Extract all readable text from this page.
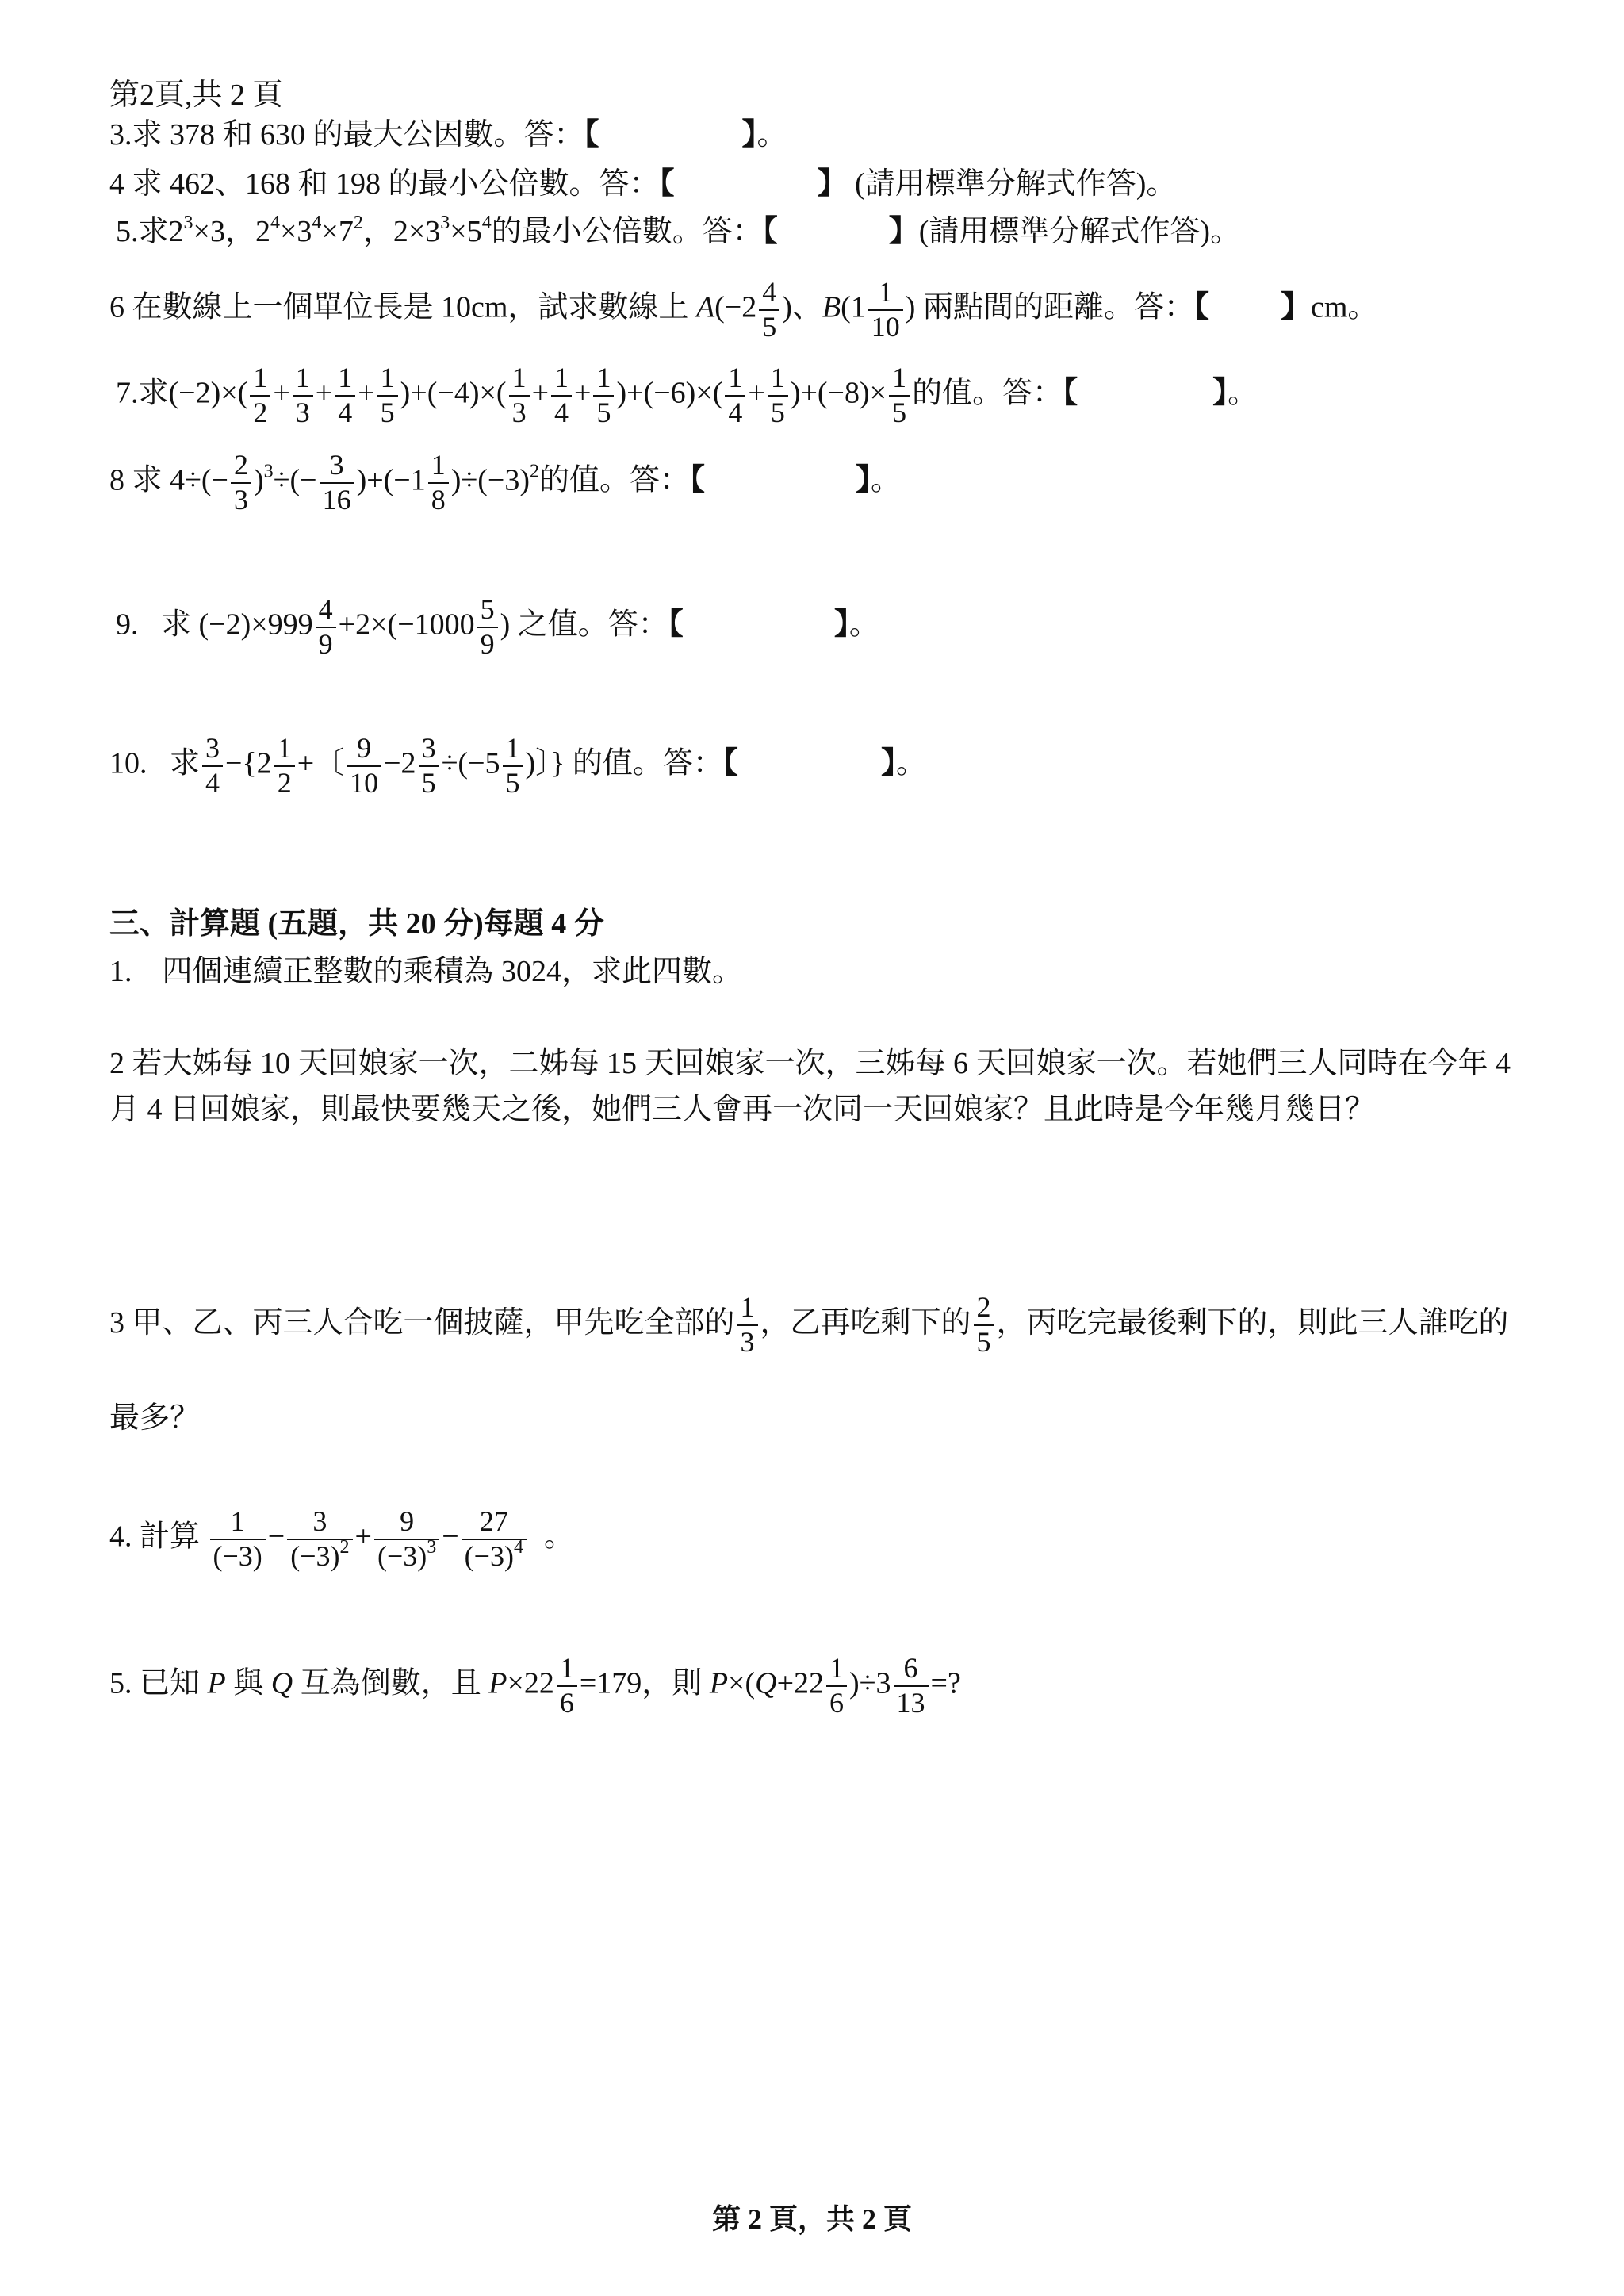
第2頁,共 2 頁
3.求 378 和 630 的最大公因數。答：【	】。
4 求 462、168 和 198 的最小公倍數。答：【	】 (請用標準分解式作答)。
5.求$2^3\times 3$，$2^4\times 3^4\times 7^2$，$2\times 3^3\times 5^4$的最小公倍數。答：【	】(請用標準分解式作答)。
6 在數線上一個單位長是 10cm，試求數線上 $A(-2 \frac{4}{5}$ )、$B(1 \frac{1}{10}$ ) 兩點間的距離。答：【 】cm。
7.求$(-2)\times( \frac{1}{2} + \frac{1}{3} + \frac{1}{4} + \frac{1}{5} )+(-4)\times( \frac{1}{3} + \frac{1}{4} + \frac{1}{5} )+(-6)\times( \frac{1}{4} + \frac{1}{5} )+(-8)\times \frac{1}{5}$ 的值。答：【	】。
8 求 $4\div(- \frac{2}{3} )^3\div(- \frac{3}{16} )+(-1 \frac{1}{8} )\div(-3)^2$的值。答：【	】。
9. 求 $(-2)\times 999 \frac{4}{9} +2\times(-1000 \frac{5}{9}$ ) 之值。答：【	】。
10.   求 $\frac{3}{4} -\{2 \frac{1}{2}$ +〔 $\frac{9}{10} -2 \frac{3}{5} \div(-5 \frac{1}{5}$ )〕} 的值。答：【	】。
三、計算題 (五題，共 20 分)每題 4 分
1.　四個連續正整數的乘積為 3024，求此四數。
2 若大姊每 10 天回娘家一次，二姊每 15 天回娘家一次，三姊每 6 天回娘家一次。若她們三人同時在今年 4 月 4 日回娘家，則最快要幾天之後，她們三人會再一次同一天回娘家？且此時是今年幾月幾日？
3 甲、乙、丙三人合吃一個披薩，甲先吃全部的 $\frac{1}{3}$ ，乙再吃剩下的 $\frac{2}{5}$ ，丙吃完最後剩下的，則此三人誰吃的最多？
4. 計算 $\frac{1}{(-3)} - \frac{3}{(-3)^2} + \frac{9}{(-3)^3} - \frac{27}{(-3)^4}$ 。
5. 已知 P 與 Q 互為倒數，且 $P\times 22 \frac{1}{6} =179$，則 $P\times(Q+22 \frac{1}{6} )\div 3 \frac{6}{13}$ =?
第 2 頁，共 2 頁
